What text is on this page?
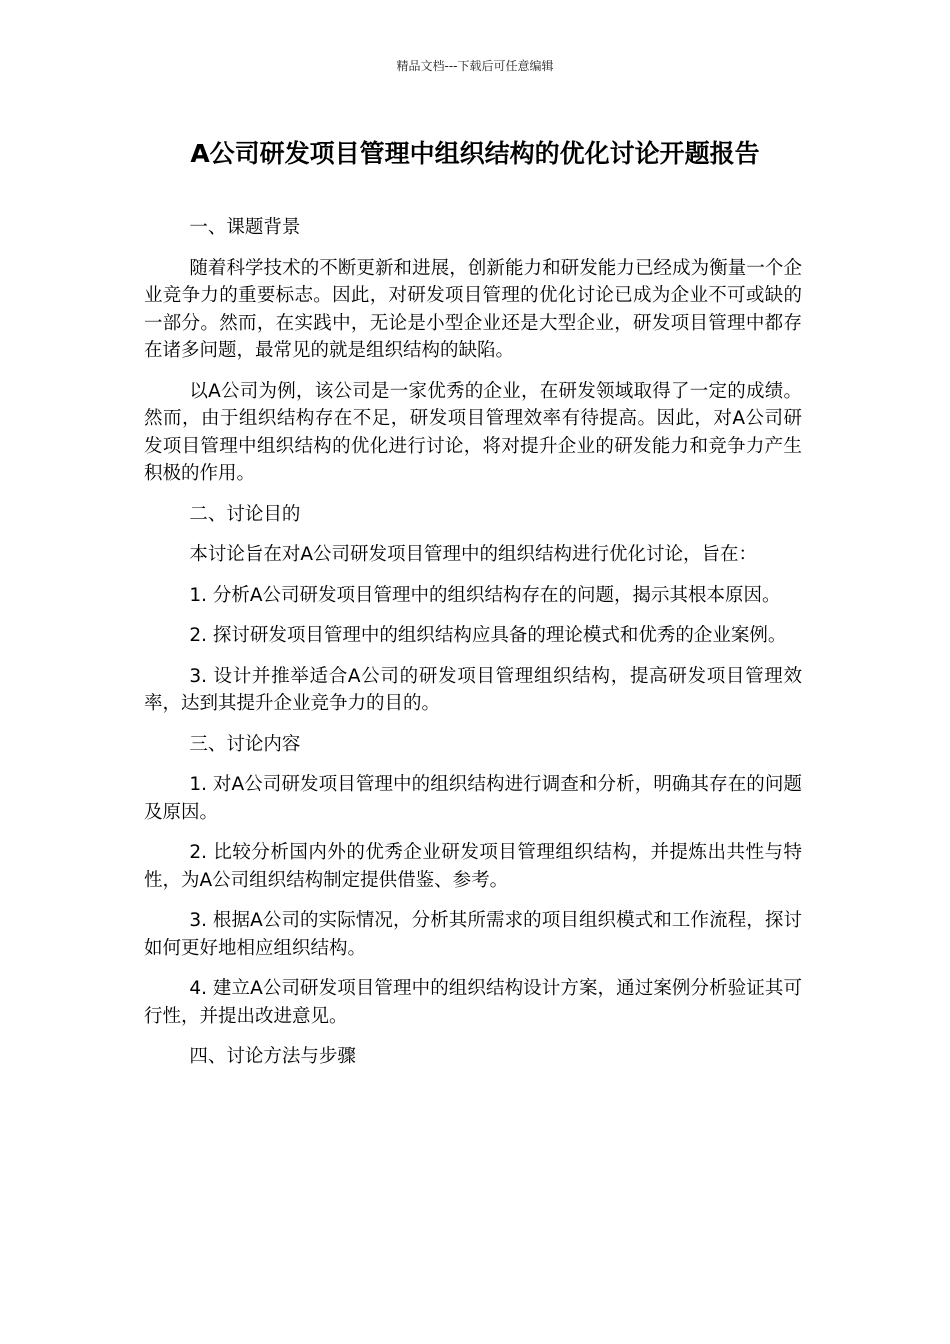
精品文档---下载后可任意编辑
A公司研发项目管理中组织结构的优化讨论开题报告

一、课题背景

随着科学技术的不断更新和进展，创新能力和研发能力已经成为衡量一个企业竞争力的重要标志。因此，对研发项目管理的优化讨论已成为企业不可或缺的一部分。然而，在实践中，无论是小型企业还是大型企业，研发项目管理中都存在诸多问题，最常见的就是组织结构的缺陷。

以A公司为例，该公司是一家优秀的企业，在研发领域取得了一定的成绩。然而，由于组织结构存在不足，研发项目管理效率有待提高。因此，对A公司研发项目管理中组织结构的优化进行讨论，将对提升企业的研发能力和竞争力产生积极的作用。

二、讨论目的

本讨论旨在对A公司研发项目管理中的组织结构进行优化讨论，旨在：

1. 分析A公司研发项目管理中的组织结构存在的问题，揭示其根本原因。

2. 探讨研发项目管理中的组织结构应具备的理论模式和优秀的企业案例。

3. 设计并推举适合A公司的研发项目管理组织结构，提高研发项目管理效率，达到其提升企业竞争力的目的。

三、讨论内容

1. 对A公司研发项目管理中的组织结构进行调查和分析，明确其存在的问题及原因。

2. 比较分析国内外的优秀企业研发项目管理组织结构，并提炼出共性与特性，为A公司组织结构制定提供借鉴、参考。

3. 根据A公司的实际情况，分析其所需求的项目组织模式和工作流程，探讨如何更好地相应组织结构。

4. 建立A公司研发项目管理中的组织结构设计方案，通过案例分析验证其可行性，并提出改进意见。

四、讨论方法与步骤
